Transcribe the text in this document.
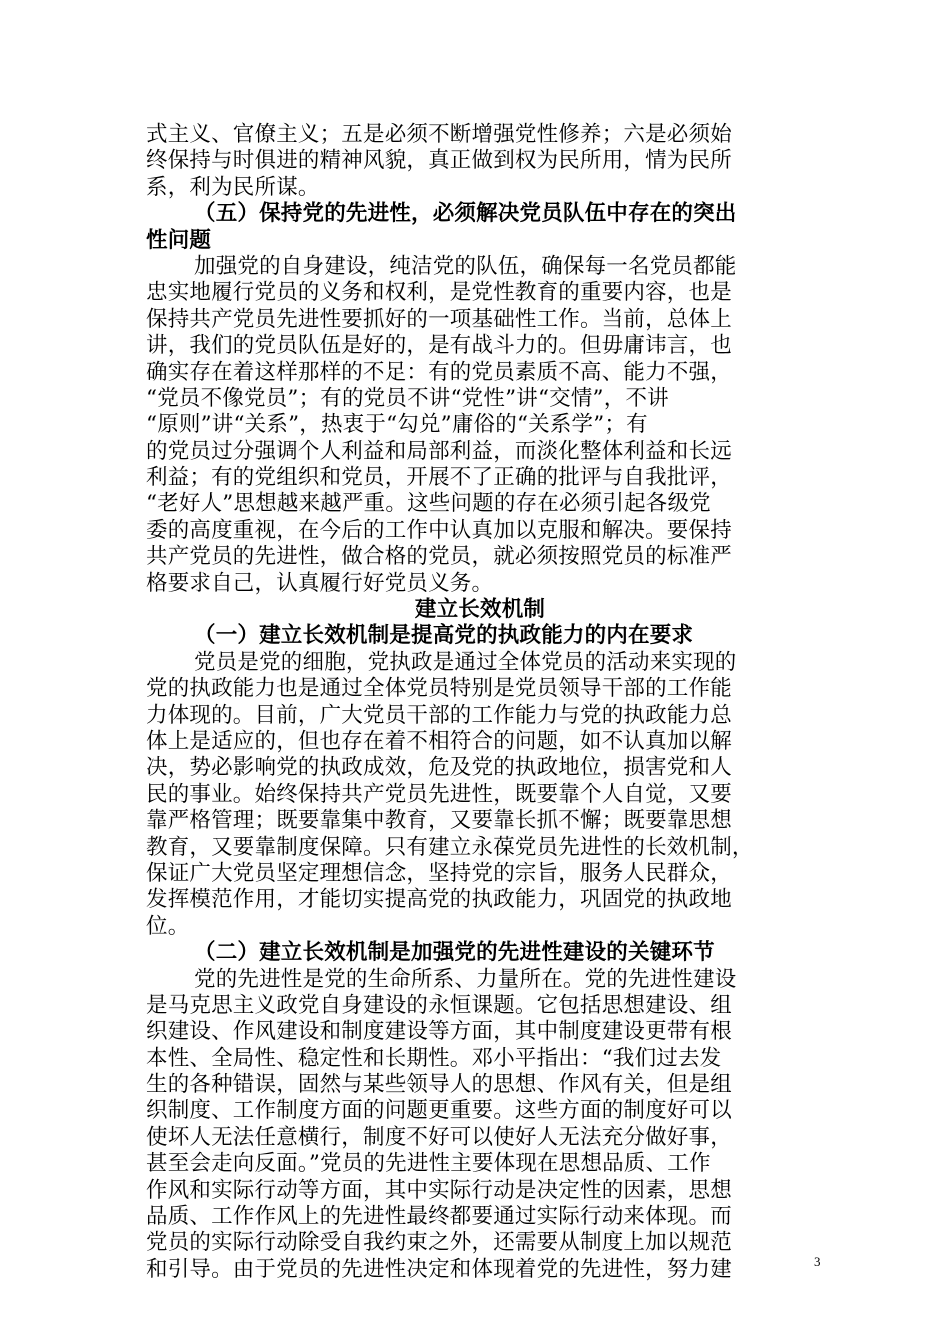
式主义、官僚主义；五是必须不断增强党性修养；六是必须始
终保持与时俱进的精神风貌，真正做到权为民所用，情为民所
系，利为民所谋。
（五）保持党的先进性，必须解决党员队伍中存在的突出
性问题
加强党的自身建设，纯洁党的队伍，确保每一名党员都能
忠实地履行党员的义务和权利，是党性教育的重要内容，也是
保持共产党员先进性要抓好的一项基础性工作。当前，总体上
讲，我们的党员队伍是好的，是有战斗力的。但毋庸讳言，也
确实存在着这样那样的不足：有的党员素质不高、能力不强，
“党员不像党员”；有的党员不讲“党性”讲“交情”，不讲
“原则”讲“关系”，热衷于“勾兑”庸俗的“关系学”；有
的党员过分强调个人利益和局部利益，而淡化整体利益和长远
利益；有的党组织和党员，开展不了正确的批评与自我批评，
“老好人”思想越来越严重。这些问题的存在必须引起各级党
委的高度重视，在今后的工作中认真加以克服和解决。要保持
共产党员的先进性，做合格的党员，就必须按照党员的标准严
格要求自己，认真履行好党员义务。
建立长效机制
（一）建立长效机制是提高党的执政能力的内在要求
党员是党的细胞，党执政是通过全体党员的活动来实现的
党的执政能力也是通过全体党员特别是党员领导干部的工作能
力体现的。目前，广大党员干部的工作能力与党的执政能力总
体上是适应的，但也存在着不相符合的问题，如不认真加以解
决，势必影响党的执政成效，危及党的执政地位，损害党和人
民的事业。始终保持共产党员先进性，既要靠个人自觉，又要
靠严格管理；既要靠集中教育，又要靠长抓不懈；既要靠思想
教育，又要靠制度保障。只有建立永葆党员先进性的长效机制，
保证广大党员坚定理想信念，坚持党的宗旨，服务人民群众，
发挥模范作用，才能切实提高党的执政能力，巩固党的执政地
位。
（二）建立长效机制是加强党的先进性建设的关键环节
党的先进性是党的生命所系、力量所在。党的先进性建设
是马克思主义政党自身建设的永恒课题。它包括思想建设、组
织建设、作风建设和制度建设等方面，其中制度建设更带有根
本性、全局性、稳定性和长期性。邓小平指出：“我们过去发
生的各种错误，固然与某些领导人的思想、作风有关，但是组
织制度、工作制度方面的问题更重要。这些方面的制度好可以
使坏人无法任意横行，制度不好可以使好人无法充分做好事，
甚至会走向反面。”党员的先进性主要体现在思想品质、工作
作风和实际行动等方面，其中实际行动是决定性的因素，思想
品质、工作作风上的先进性最终都要通过实际行动来体现。而
党员的实际行动除受自我约束之外，还需要从制度上加以规范
和引导。由于党员的先进性决定和体现着党的先进性，努力建	3
